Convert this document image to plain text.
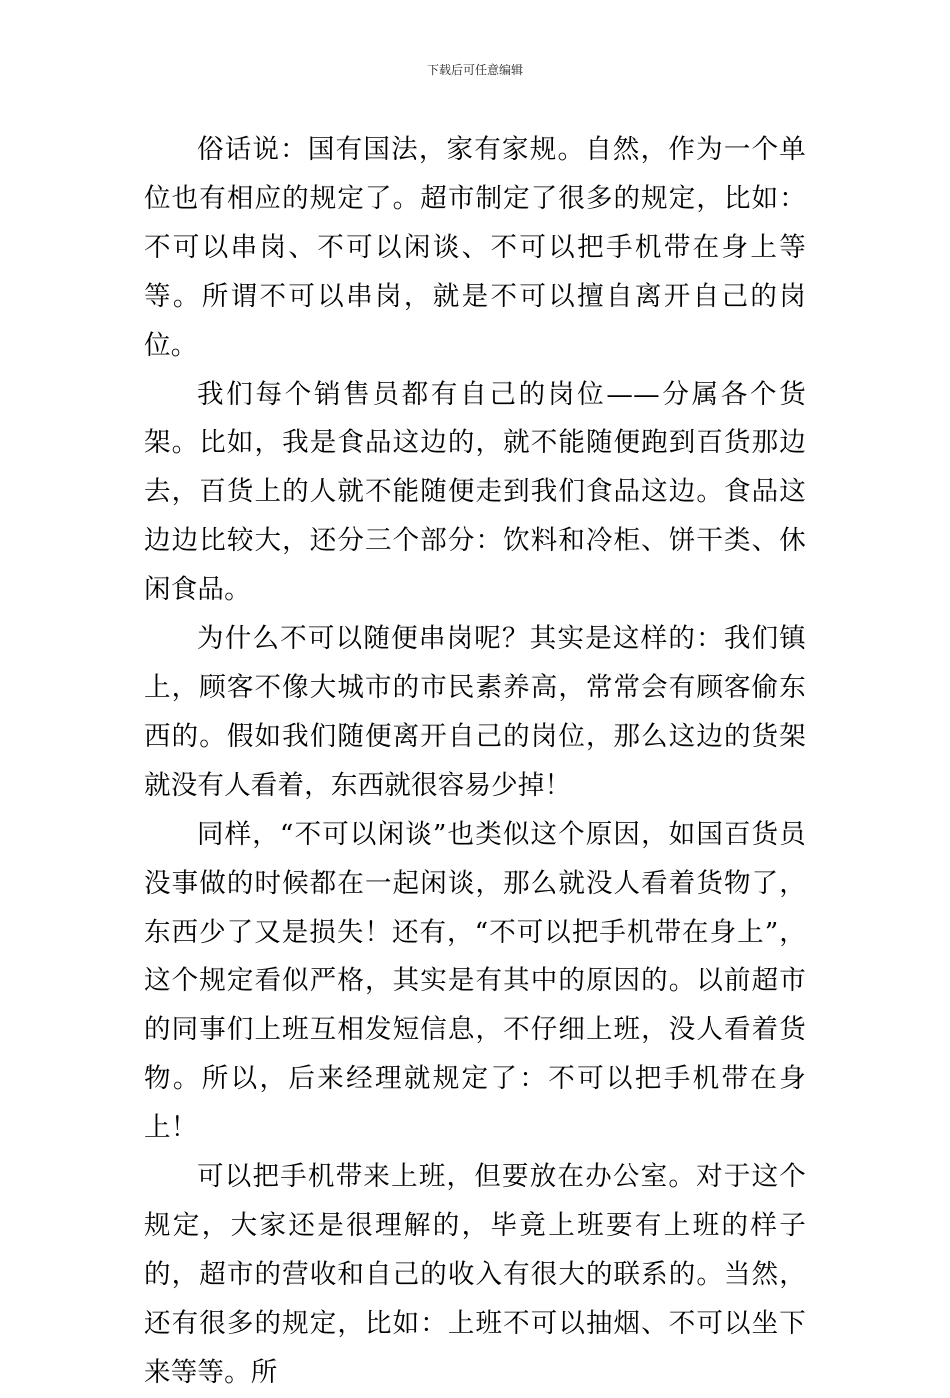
下载后可任意编辑

俗话说：国有国法，家有家规。自然，作为一个单位也有相应的规定了。超市制定了很多的规定，比如：不可以串岗、不可以闲谈、不可以把手机带在身上等等。所谓不可以串岗，就是不可以擅自离开自己的岗位。

我们每个销售员都有自己的岗位——分属各个货架。比如，我是食品这边的，就不能随便跑到百货那边去，百货上的人就不能随便走到我们食品这边。食品这边边比较大，还分三个部分：饮料和冷柜、饼干类、休闲食品。

为什么不可以随便串岗呢？其实是这样的：我们镇上，顾客不像大城市的市民素养高，常常会有顾客偷东西的。假如我们随便离开自己的岗位，那么这边的货架就没有人看着，东西就很容易少掉！

同样，“不可以闲谈”也类似这个原因，如国百货员没事做的时候都在一起闲谈，那么就没人看着货物了，东西少了又是损失！还有，“不可以把手机带在身上”，这个规定看似严格，其实是有其中的原因的。以前超市的同事们上班互相发短信息，不仔细上班，没人看着货物。所以，后来经理就规定了：不可以把手机带在身上！

可以把手机带来上班，但要放在办公室。对于这个规定，大家还是很理解的，毕竟上班要有上班的样子的，超市的营收和自己的收入有很大的联系的。当然，还有很多的规定，比如：上班不可以抽烟、不可以坐下来等等。所
